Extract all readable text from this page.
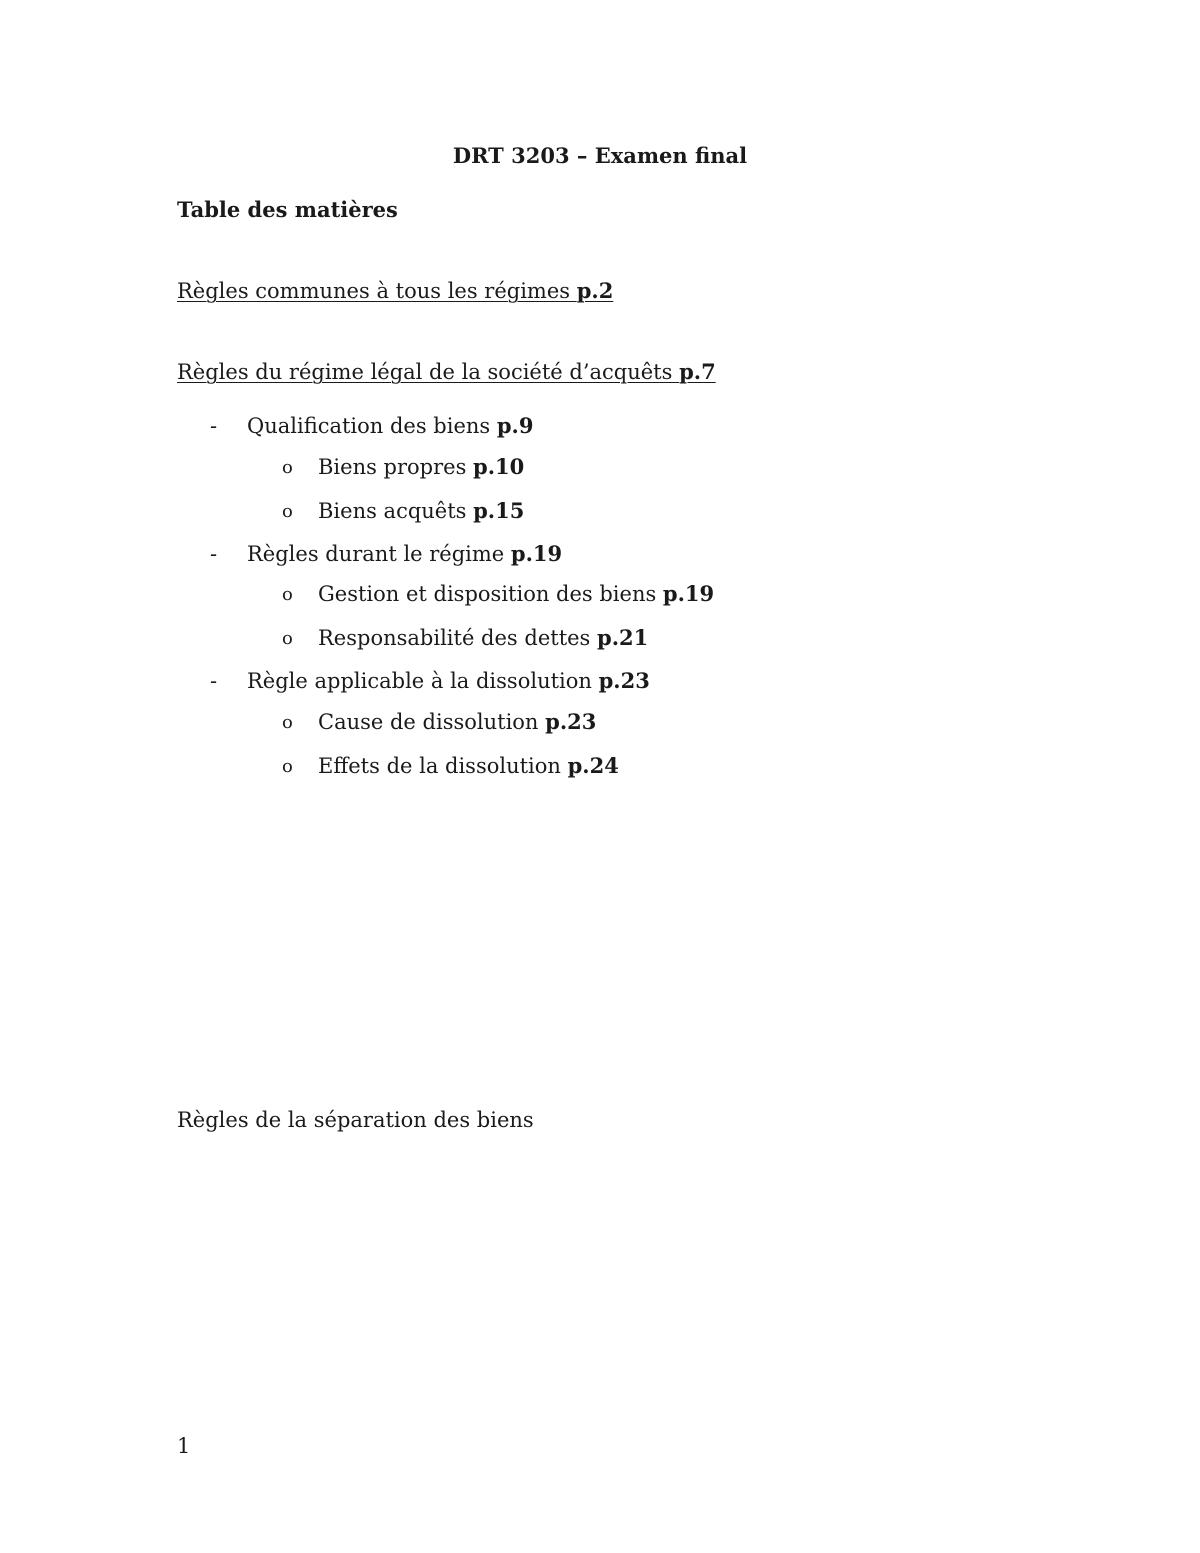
DRT 3203 – Examen final
Table des matières
Règles communes à tous les régimes p.2
Règles du régime légal de la société d’acquêts p.7
- Qualification des biens p.9
o Biens propres p.10
o Biens acquêts p.15
- Règles durant le régime p.19
o Gestion et disposition des biens p.19
o Responsabilité des dettes p.21
- Règle applicable à la dissolution p.23
o Cause de dissolution p.23
o Effets de la dissolution p.24
Règles de la séparation des biens
1
